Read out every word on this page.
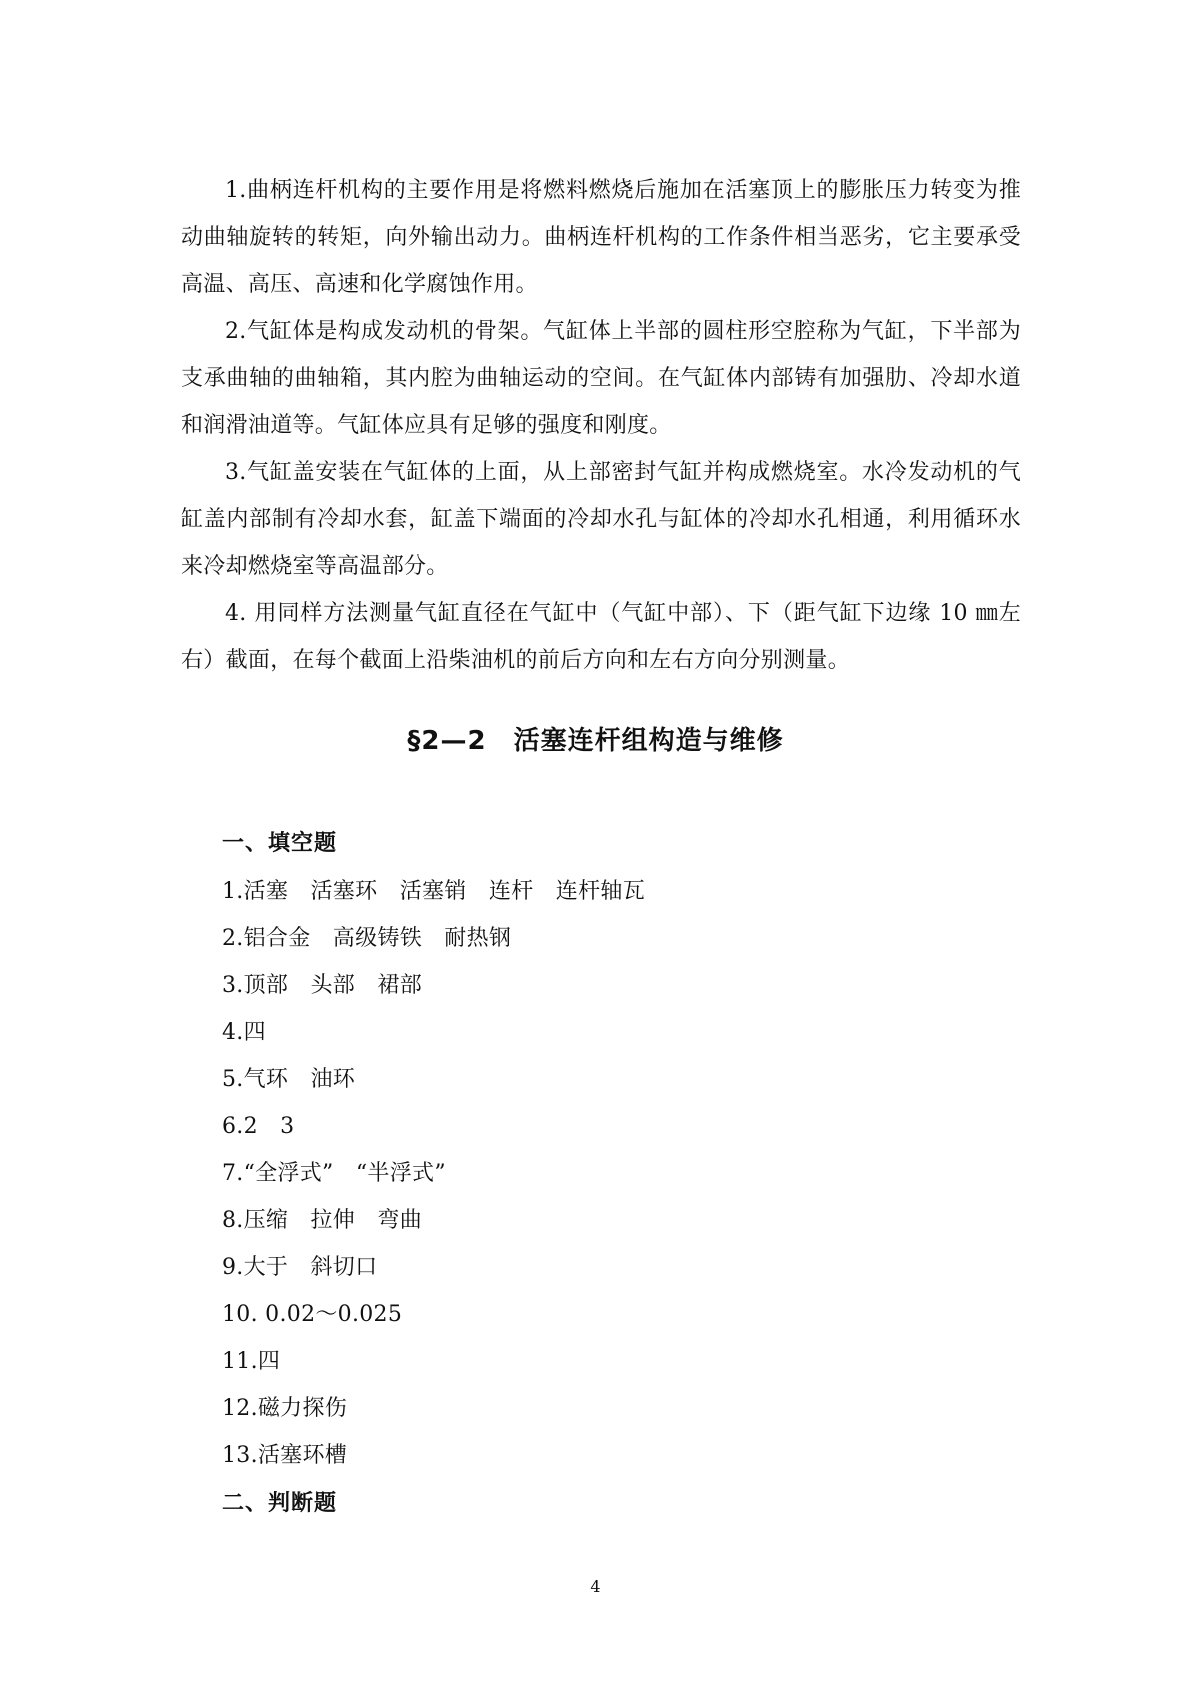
1.曲柄连杆机构的主要作用是将燃料燃烧后施加在活塞顶上的膨胀压力转变为推动曲轴旋转的转矩，向外输出动力。曲柄连杆机构的工作条件相当恶劣，它主要承受高温、高压、高速和化学腐蚀作用。

2.气缸体是构成发动机的骨架。气缸体上半部的圆柱形空腔称为气缸，下半部为支承曲轴的曲轴箱，其内腔为曲轴运动的空间。在气缸体内部铸有加强肋、冷却水道和润滑油道等。气缸体应具有足够的强度和刚度。

3.气缸盖安装在气缸体的上面，从上部密封气缸并构成燃烧室。水冷发动机的气缸盖内部制有冷却水套，缸盖下端面的冷却水孔与缸体的冷却水孔相通，利用循环水来冷却燃烧室等高温部分。

4. 用同样方法测量气缸直径在气缸中（气缸中部）、下（距气缸下边缘 10 ㎜左右）截面，在每个截面上沿柴油机的前后方向和左右方向分别测量。

§2—2　活塞连杆组构造与维修
一、填空题
1.活塞　活塞环　活塞销　连杆　连杆轴瓦
2.铝合金　高级铸铁　耐热钢
3.顶部　头部　裙部
4.四
5.气环　油环
6.2　3
7.“全浮式”　“半浮式”
8.压缩　拉伸　弯曲
9.大于　斜切口
10. 0.02～0.025
11.四
12.磁力探伤
13.活塞环槽
二、判断题
4
